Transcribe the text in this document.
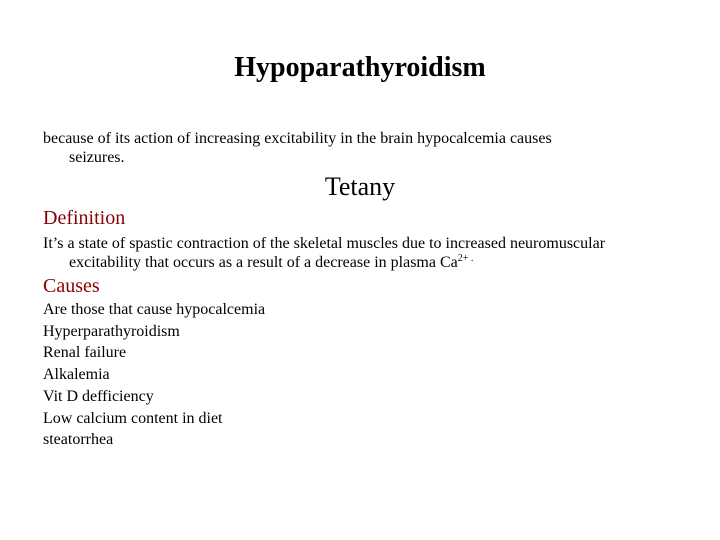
Hypoparathyroidism
because of its action of increasing excitability in the brain hypocalcemia causes
seizures.
Tetany
Definition
It’s a state of spastic contraction of the skeletal muscles due to increased neuromuscular
excitability that occurs as a result of a decrease in plasma $Ca^{2+ .}$
Causes
Are those that cause hypocalcemia
Hyperparathyroidism
Renal failure
Alkalemia
Vit D defficiency
Low calcium content in diet
steatorrhea
